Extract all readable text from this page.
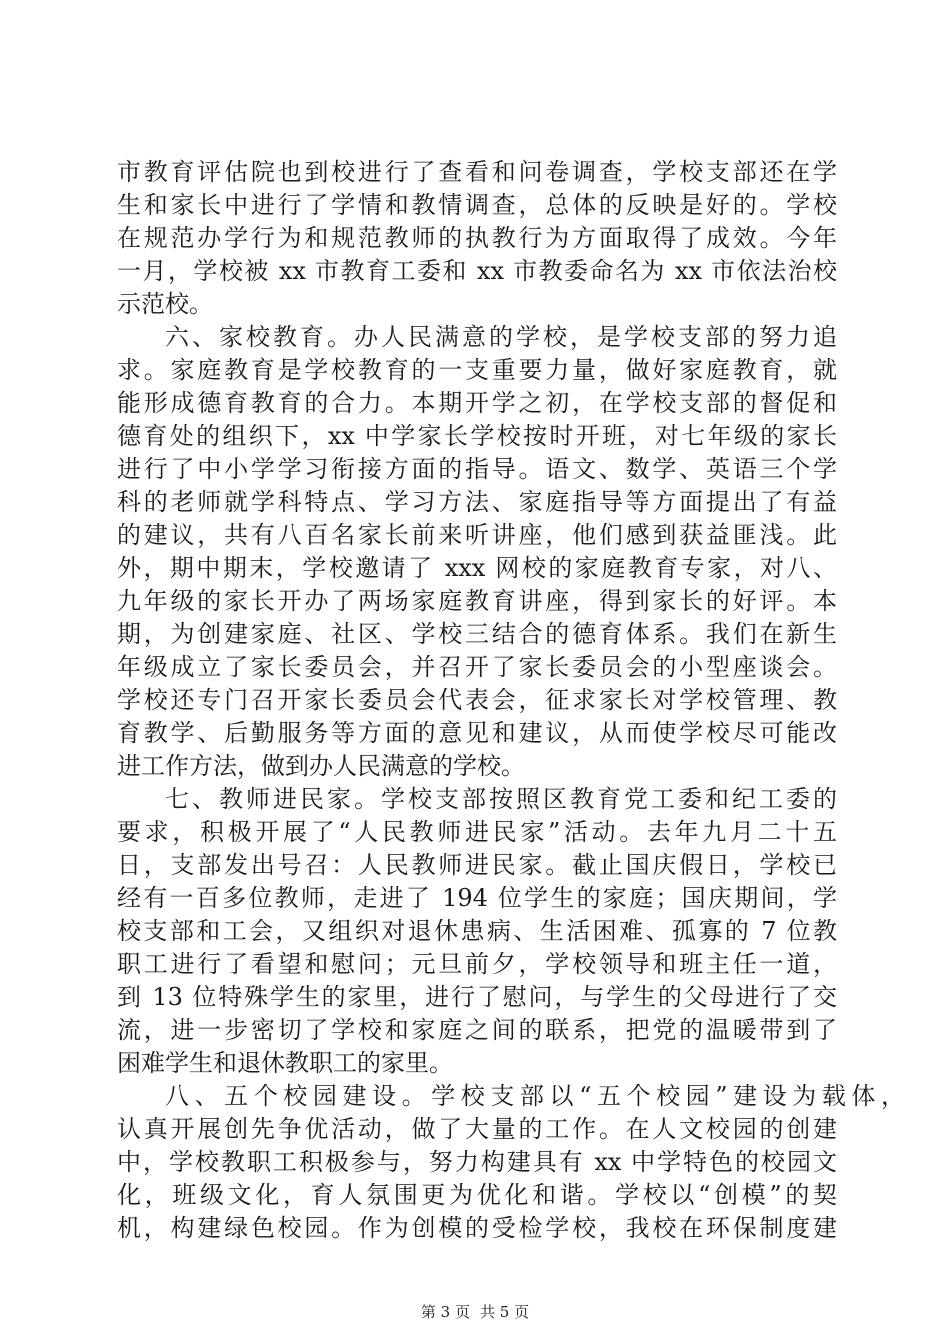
市教育评估院也到校进行了查看和问卷调查，学校支部还在学
生和家长中进行了学情和教情调查，总体的反映是好的。学校
在规范办学行为和规范教师的执教行为方面取得了成效。今年
一月，学校被 xx 市教育工委和 xx 市教委命名为 xx 市依法治校
示范校。
六、家校教育。办人民满意的学校，是学校支部的努力追
求。家庭教育是学校教育的一支重要力量，做好家庭教育，就
能形成德育教育的合力。本期开学之初，在学校支部的督促和
德育处的组织下，xx 中学家长学校按时开班，对七年级的家长
进行了中小学学习衔接方面的指导。语文、数学、英语三个学
科的老师就学科特点、学习方法、家庭指导等方面提出了有益
的建议，共有八百名家长前来听讲座，他们感到获益匪浅。此
外，期中期末，学校邀请了 xxx 网校的家庭教育专家，对八、
九年级的家长开办了两场家庭教育讲座，得到家长的好评。本
期，为创建家庭、社区、学校三结合的德育体系。我们在新生
年级成立了家长委员会，并召开了家长委员会的小型座谈会。
学校还专门召开家长委员会代表会，征求家长对学校管理、教
育教学、后勤服务等方面的意见和建议，从而使学校尽可能改
进工作方法，做到办人民满意的学校。
七、教师进民家。学校支部按照区教育党工委和纪工委的
要求，积极开展了“人民教师进民家”活动。去年九月二十五
日，支部发出号召：人民教师进民家。截止国庆假日，学校已
经有一百多位教师，走进了 194 位学生的家庭；国庆期间，学
校支部和工会，又组织对退休患病、生活困难、孤寡的 7 位教
职工进行了看望和慰问；元旦前夕，学校领导和班主任一道，
到 13 位特殊学生的家里，进行了慰问，与学生的父母进行了交
流，进一步密切了学校和家庭之间的联系，把党的温暖带到了
困难学生和退休教职工的家里。
八、五个校园建设。学校支部以“五个校园”建设为载体，
认真开展创先争优活动，做了大量的工作。在人文校园的创建
中，学校教职工积极参与，努力构建具有 xx 中学特色的校园文
化，班级文化，育人氛围更为优化和谐。学校以“创模”的契
机，构建绿色校园。作为创模的受检学校，我校在环保制度建
第 3 页 共 5 页
